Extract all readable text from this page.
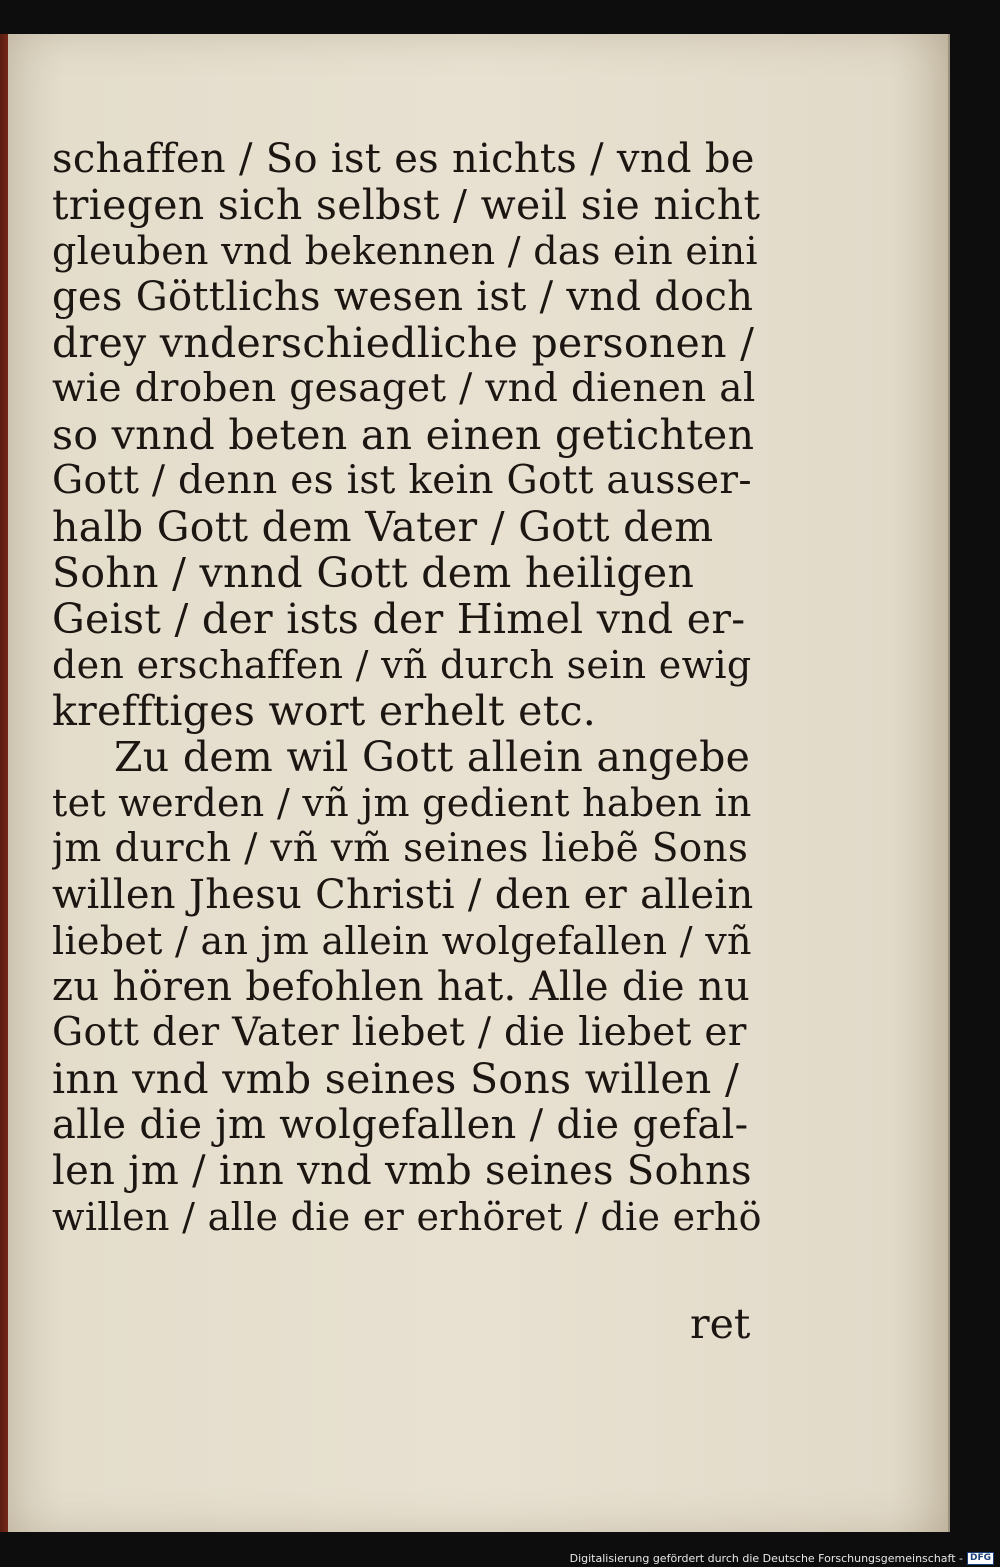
schaffen / So ist es nichts / vnd be
triegen sich selbst / weil sie nicht
gleuben vnd bekennen / das ein eini
ges Göttlichs wesen ist / vnd doch
drey vnderschiedliche personen /
wie droben gesaget / vnd dienen al
so vnnd beten an einen getichten
Gott / denn es ist kein Gott ausser-
halb Gott dem Vater / Gott dem
Sohn / vnnd Gott dem heiligen
Geist / der ists der Himel vnd er-
den erschaffen / vñ durch sein ewig
krefftiges wort erhelt etc.
Zu dem wil Gott allein angebe
tet werden / vñ jm gedient haben in
jm durch / vñ vm̃ seines liebẽ Sons
willen Jhesu Christi / den er allein
liebet / an jm allein wolgefallen / vñ
zu hören befohlen hat. Alle die nu
Gott der Vater liebet / die liebet er
inn vnd vmb seines Sons willen /
alle die jm wolgefallen / die gefal-
len jm / inn vnd vmb seines Sohns
willen / alle die er erhöret / die erhö
ret
Digitalisierung gefördert durch die Deutsche Forschungsgemeinschaft - DFG
